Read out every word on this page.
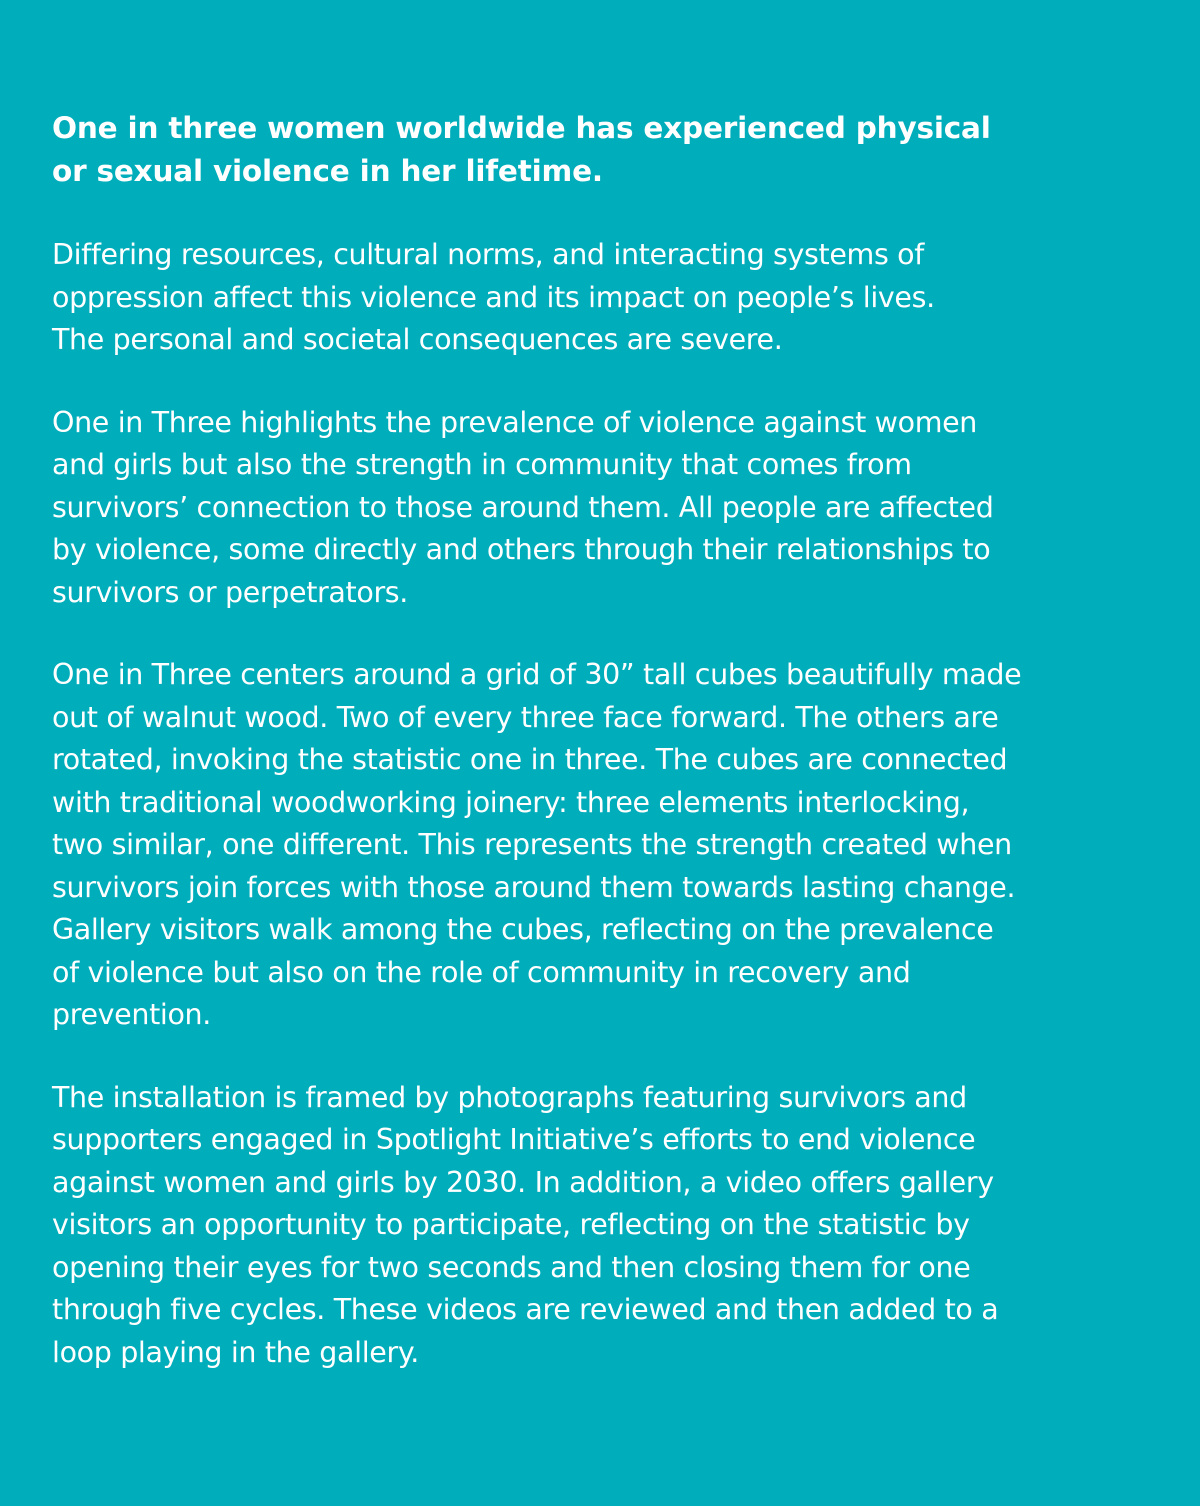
One in three women worldwide has experienced physical
or sexual violence in her lifetime.

Differing resources, cultural norms, and interacting systems of
oppression affect this violence and its impact on people’s lives.
The personal and societal consequences are severe.

One in Three highlights the prevalence of violence against women
and girls but also the strength in community that comes from
survivors’ connection to those around them. All people are affected
by violence, some directly and others through their relationships to
survivors or perpetrators.

One in Three centers around a grid of 30” tall cubes beautifully made
out of walnut wood. Two of every three face forward. The others are
rotated, invoking the statistic one in three. The cubes are connected
with traditional woodworking joinery: three elements interlocking,
two similar, one different. This represents the strength created when
survivors join forces with those around them towards lasting change.
Gallery visitors walk among the cubes, reflecting on the prevalence
of violence but also on the role of community in recovery and
prevention.

The installation is framed by photographs featuring survivors and
supporters engaged in Spotlight Initiative’s efforts to end violence
against women and girls by 2030. In addition, a video offers gallery
visitors an opportunity to participate, reflecting on the statistic by
opening their eyes for two seconds and then closing them for one
through five cycles. These videos are reviewed and then added to a
loop playing in the gallery.
